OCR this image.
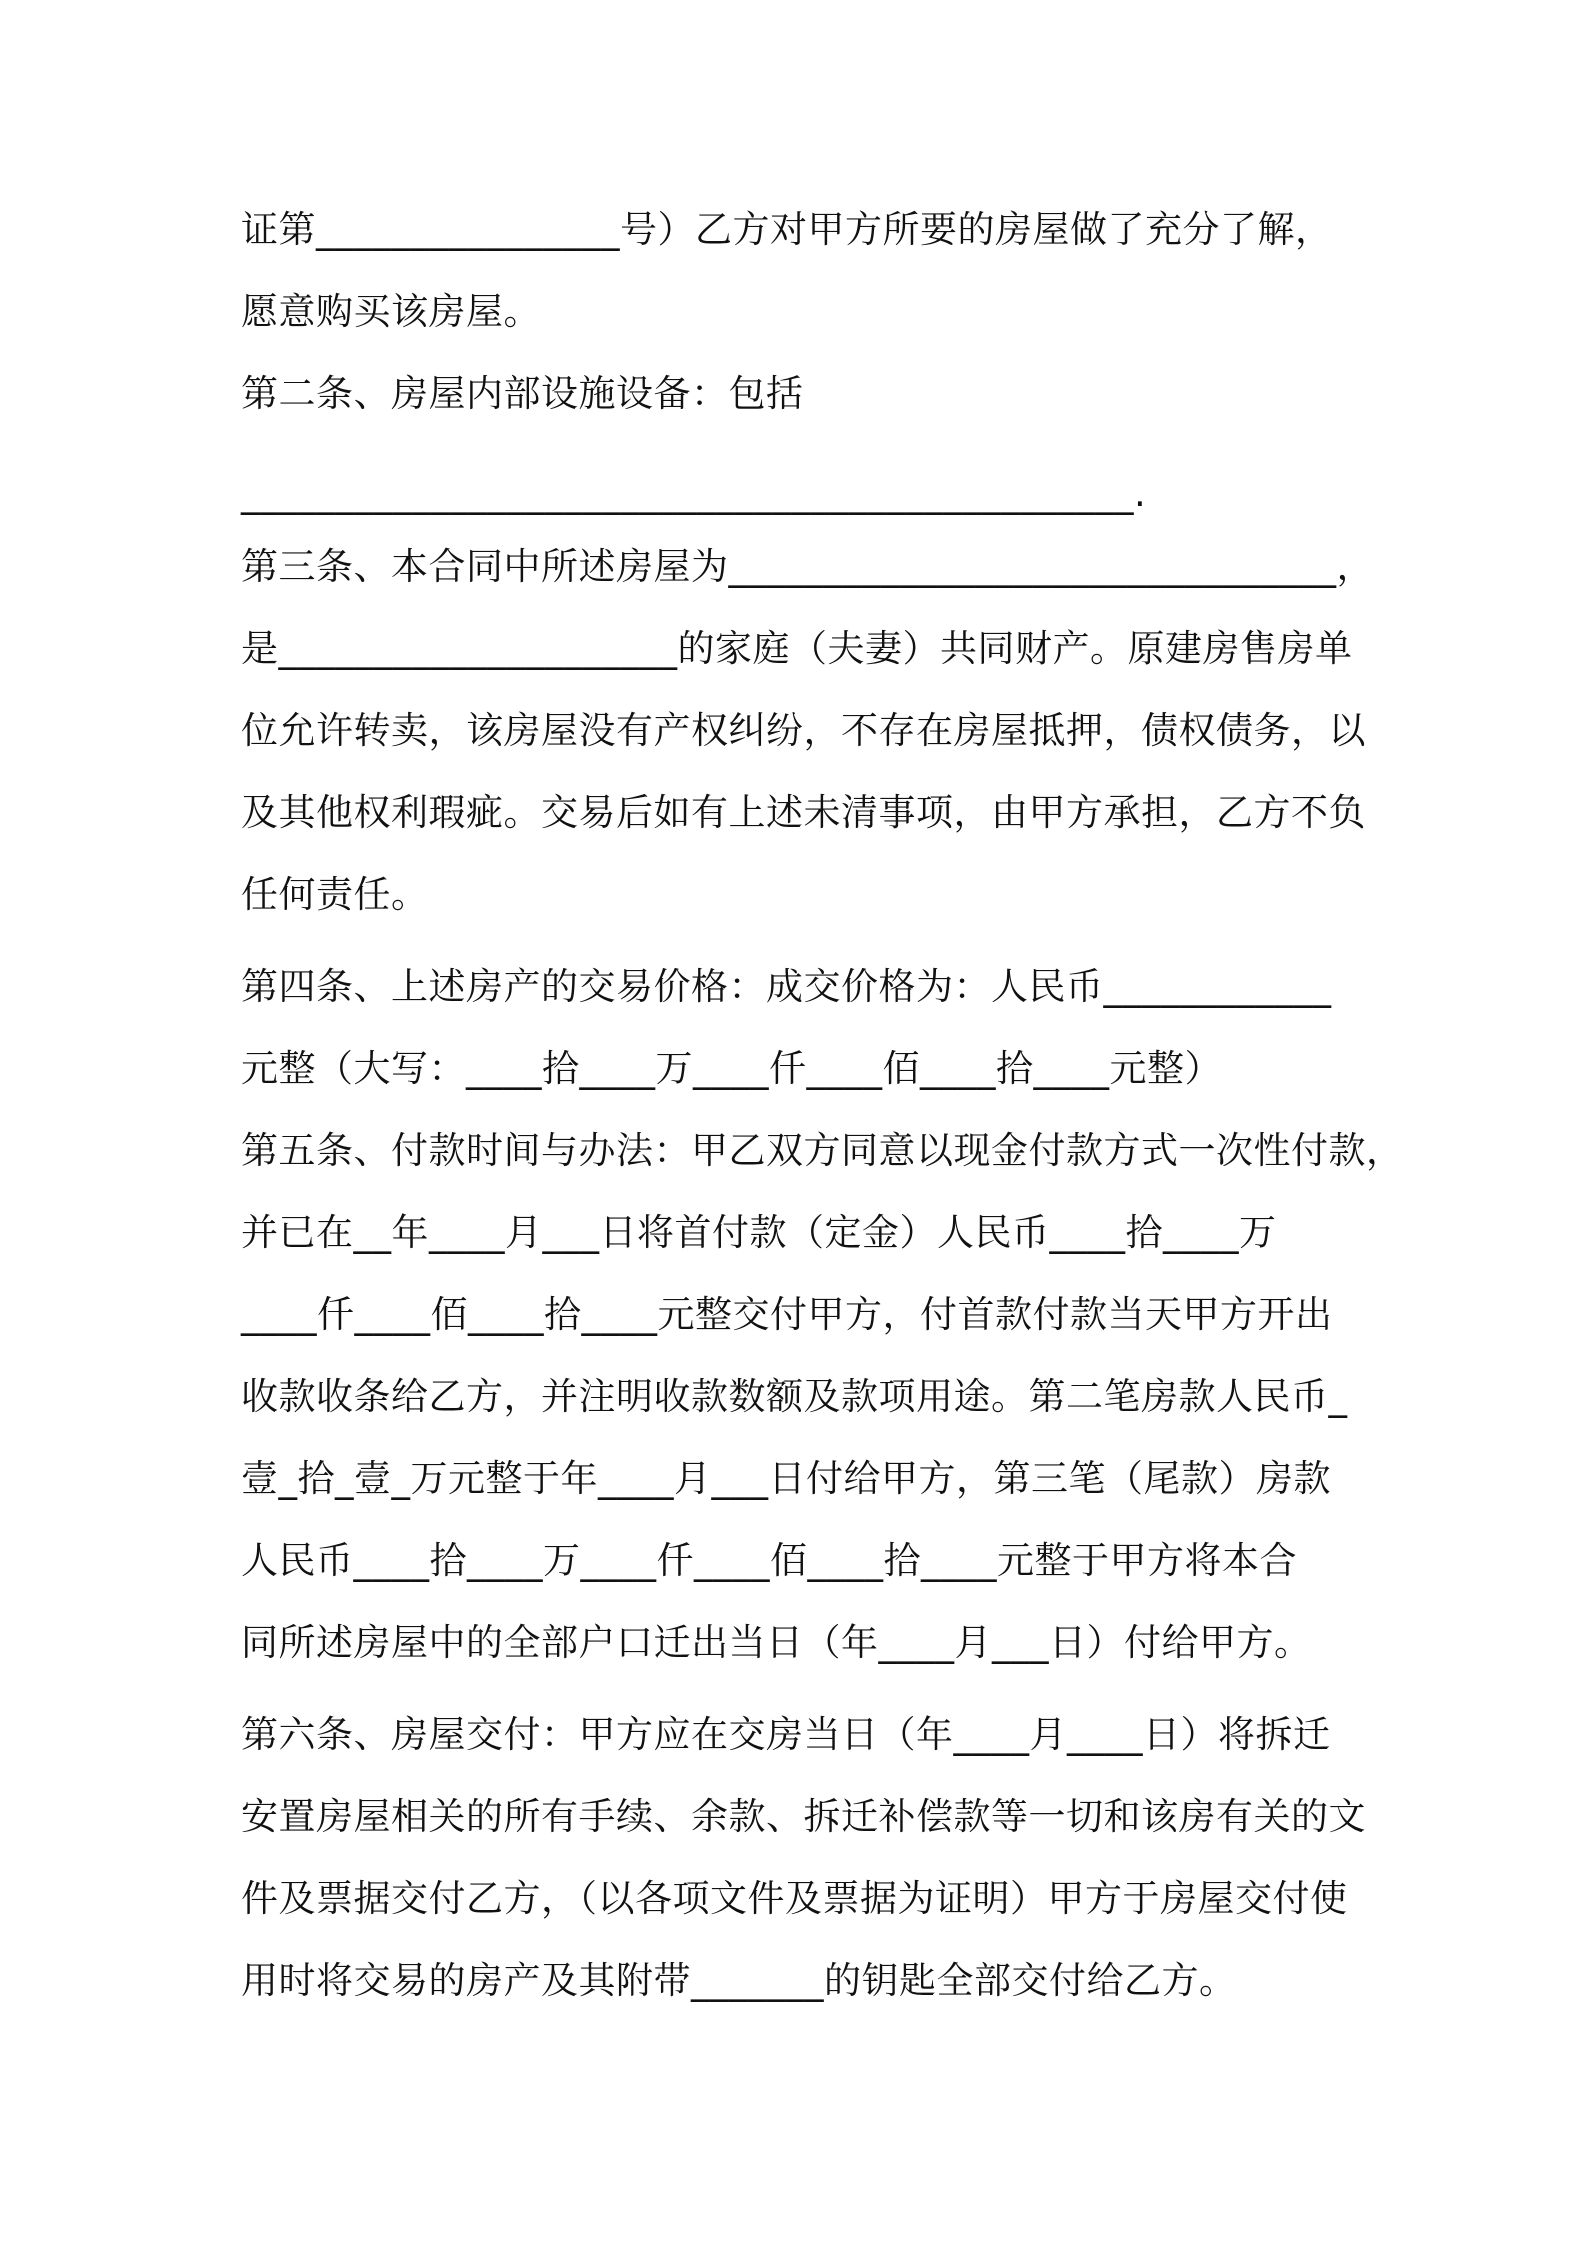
证第________________号）乙方对甲方所要的房屋做了充分了解，
愿意购买该房屋。
第二条、房屋内部设施设备：包括
_______________________________________________.
第三条、本合同中所述房屋为________________________________，
是_____________________的家庭（夫妻）共同财产。原建房售房单
位允许转卖，该房屋没有产权纠纷，不存在房屋抵押，债权债务，以
及其他权利瑕疵。交易后如有上述未清事项，由甲方承担，乙方不负
任何责任。
第四条、上述房产的交易价格：成交价格为：人民币____________
元整（大写：____拾____万____仟____佰____拾____元整）
第五条、付款时间与办法：甲乙双方同意以现金付款方式一次性付款，
并已在__年____月___日将首付款（定金）人民币____拾____万
____仟____佰____拾____元整交付甲方，付首款付款当天甲方开出
收款收条给乙方，并注明收款数额及款项用途。第二笔房款人民币_
壹_拾_壹_万元整于年____月___日付给甲方，第三笔（尾款）房款
人民币____拾____万____仟____佰____拾____元整于甲方将本合
同所述房屋中的全部户口迁出当日（年____月___日）付给甲方。
第六条、房屋交付：甲方应在交房当日（年____月____日）将拆迁
安置房屋相关的所有手续、余款、拆迁补偿款等一切和该房有关的文
件及票据交付乙方，（以各项文件及票据为证明）甲方于房屋交付使
用时将交易的房产及其附带_______的钥匙全部交付给乙方。
